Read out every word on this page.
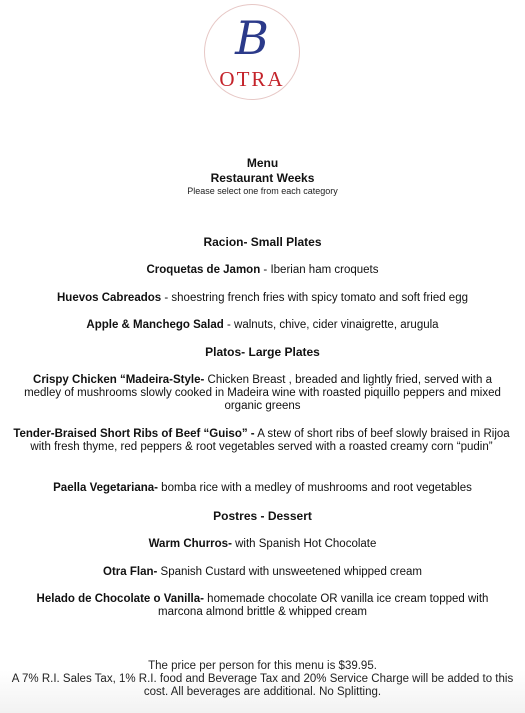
B
OTRA
Menu
Restaurant Weeks
Please select one from each category
Racion- Small Plates
Croquetas de Jamon - Iberian ham croquets
Huevos Cabreados - shoestring french fries with spicy tomato and soft fried egg
Apple & Manchego Salad - walnuts, chive, cider vinaigrette, arugula
Platos- Large Plates
Crispy Chicken “Madeira-Style- Chicken Breast , breaded and lightly fried, served with a medley of mushrooms slowly cooked in Madeira wine with roasted piquillo peppers and mixed organic greens
Tender-Braised Short Ribs of Beef “Guiso” - A stew of short ribs of beef slowly braised in Rijoa with fresh thyme, red peppers & root vegetables served with a roasted creamy corn “pudin”
Paella Vegetariana- bomba rice with a medley of mushrooms and root vegetables
Postres - Dessert
Warm Churros- with Spanish Hot Chocolate
Otra Flan- Spanish Custard with unsweetened whipped cream
Helado de Chocolate o Vanilla- homemade chocolate OR vanilla ice cream topped with marcona almond brittle & whipped cream
The price per person for this menu is $39.95.
A 7% R.I. Sales Tax, 1% R.I. food and Beverage Tax and 20% Service Charge will be added to this cost. All beverages are additional. No Splitting.
